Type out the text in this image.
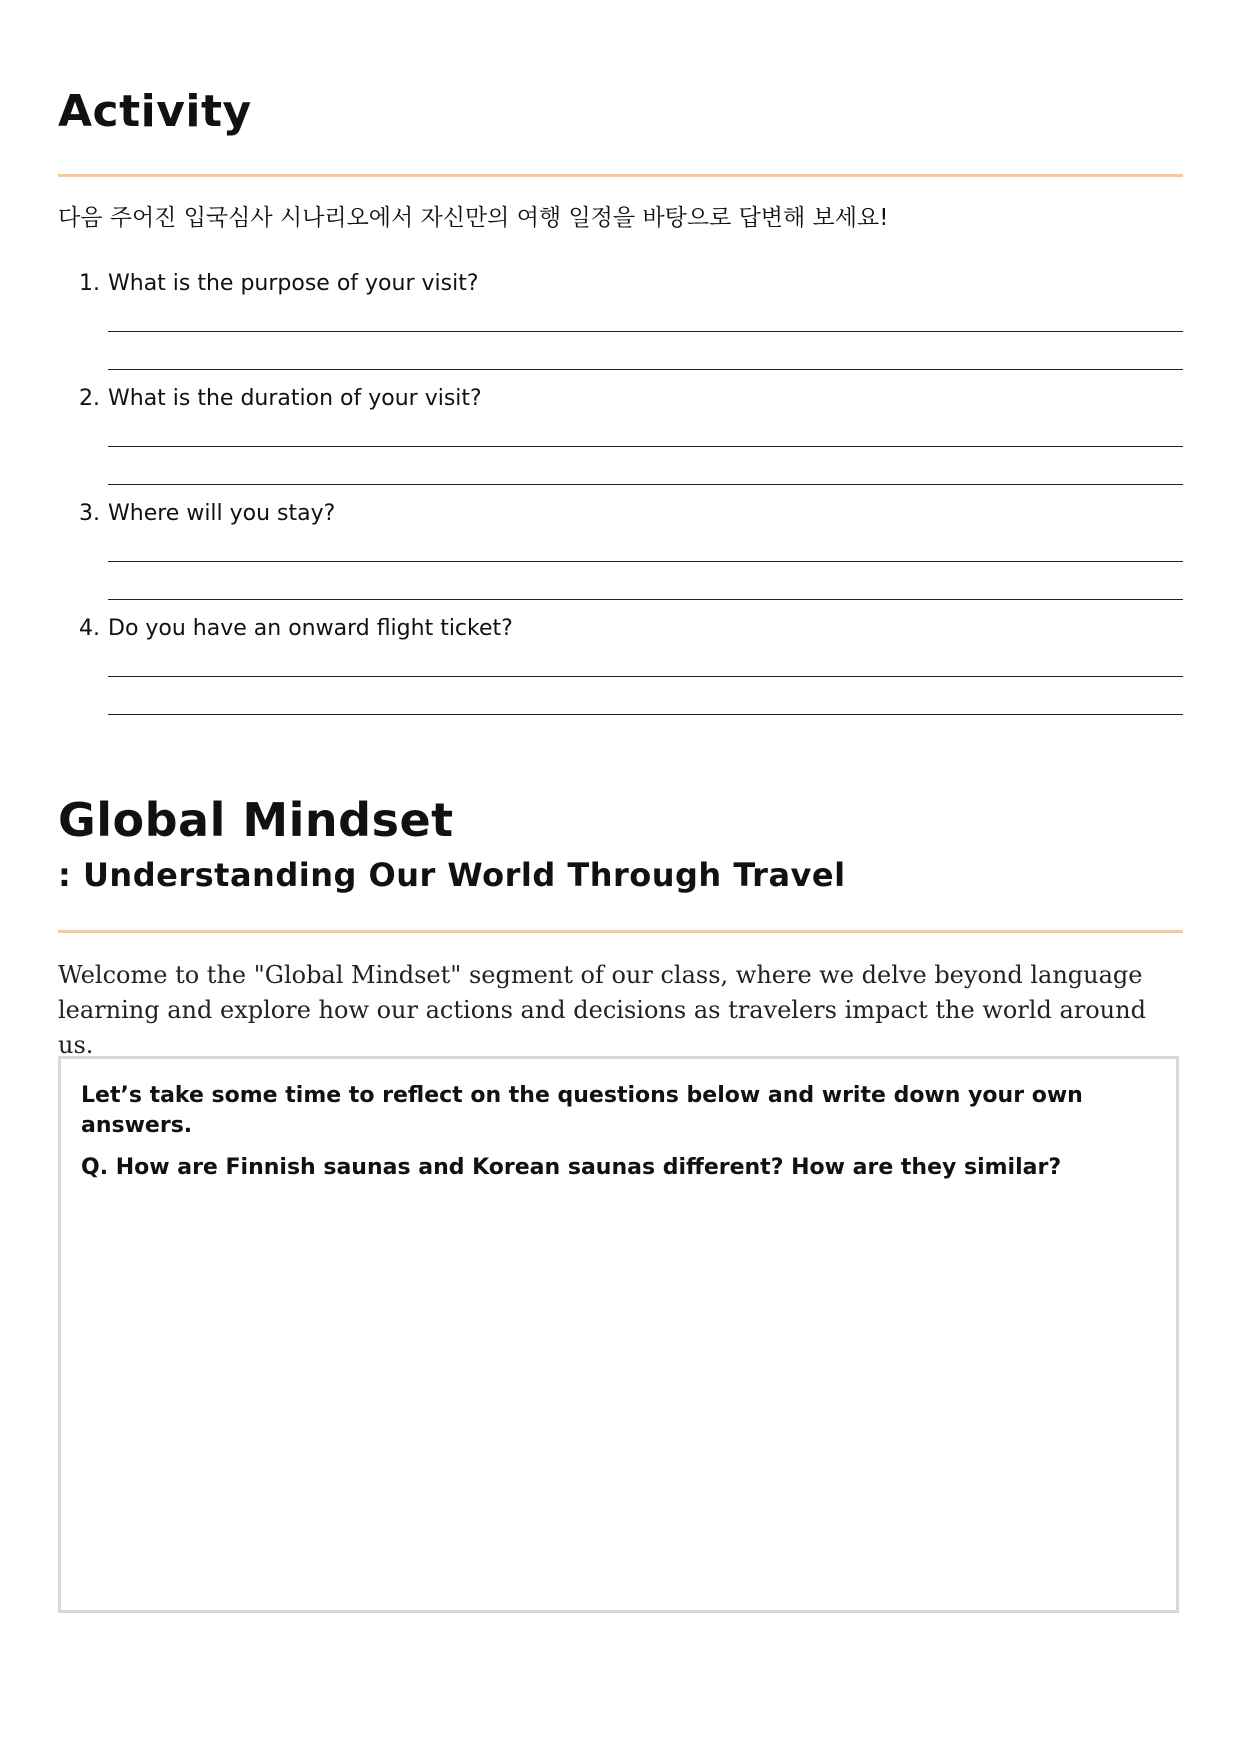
Activity
다음 주어진 입국심사 시나리오에서 자신만의 여행 일정을 바탕으로 답변해 보세요!
1. What is the purpose of your visit?
2. What is the duration of your visit?
3. Where will you stay?
4. Do you have an onward flight ticket?
Global Mindset
: Understanding Our World Through Travel

Welcome to the "Global Mindset" segment of our class, where we delve beyond language learning and explore how our actions and decisions as travelers impact the world around us.

Let’s take some time to reflect on the questions below and write down your own answers.

Q. How are Finnish saunas and Korean saunas different? How are they similar?
